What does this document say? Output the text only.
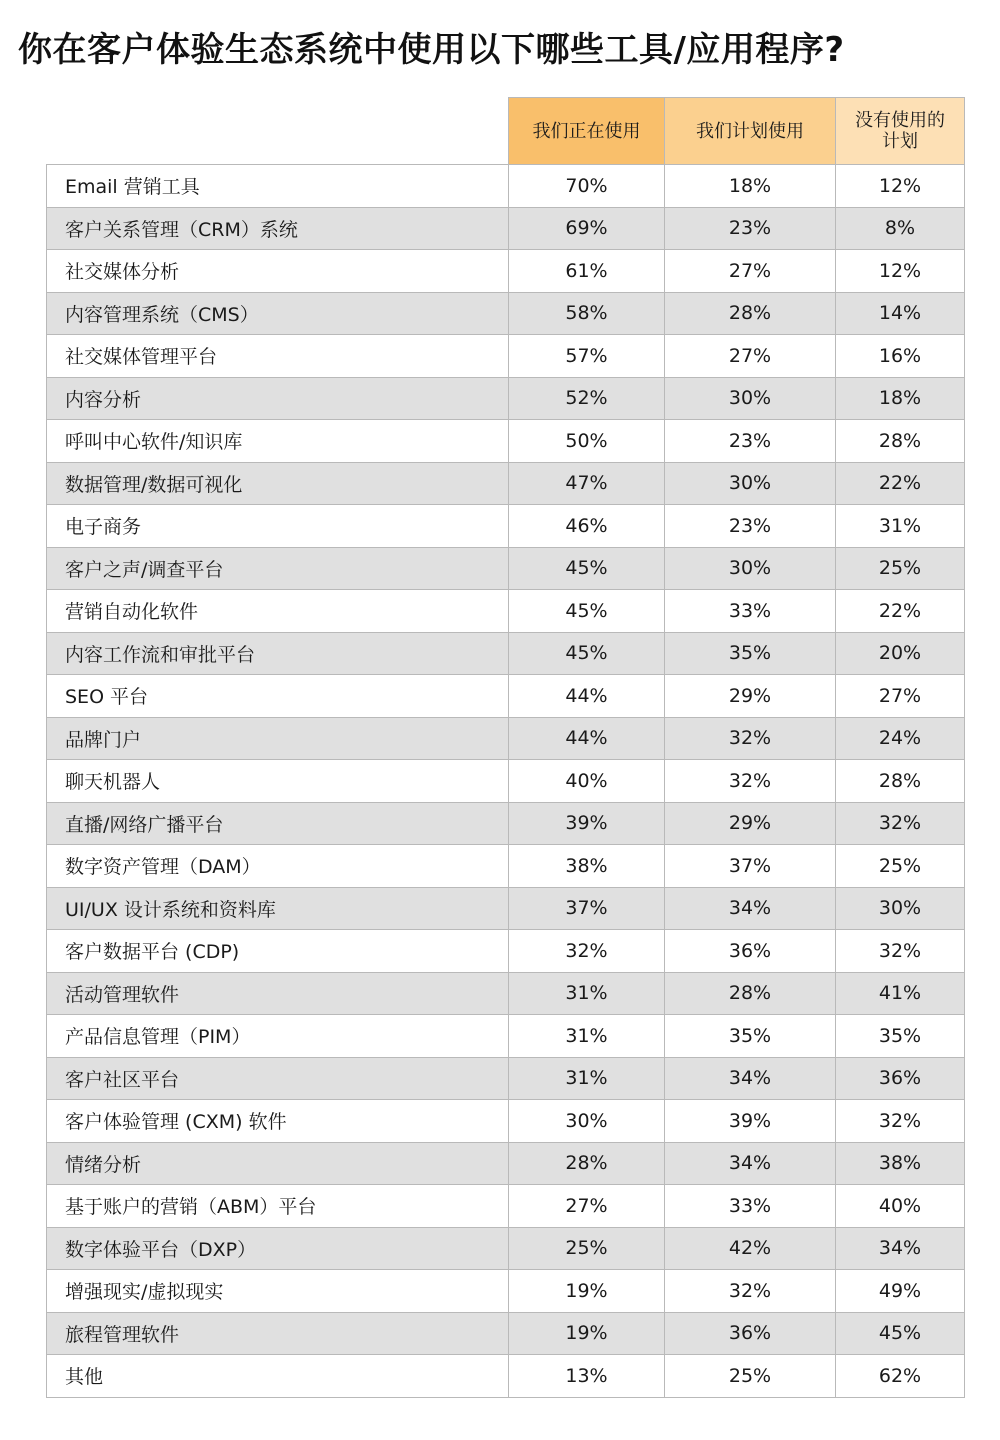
你在客户体验生态系统中使用以下哪些工具/应用程序?
	我们正在使用	我们计划使用	没有使用的计划
Email 营销工具	70%	18%	12%
客户关系管理（CRM）系统	69%	23%	8%
社交媒体分析	61%	27%	12%
内容管理系统（CMS）	58%	28%	14%
社交媒体管理平台	57%	27%	16%
内容分析	52%	30%	18%
呼叫中心软件/知识库	50%	23%	28%
数据管理/数据可视化	47%	30%	22%
电子商务	46%	23%	31%
客户之声/调查平台	45%	30%	25%
营销自动化软件	45%	33%	22%
内容工作流和审批平台	45%	35%	20%
SEO 平台	44%	29%	27%
品牌门户	44%	32%	24%
聊天机器人	40%	32%	28%
直播/网络广播平台	39%	29%	32%
数字资产管理（DAM）	38%	37%	25%
UI/UX 设计系统和资料库	37%	34%	30%
客户数据平台 (CDP)	32%	36%	32%
活动管理软件	31%	28%	41%
产品信息管理（PIM）	31%	35%	35%
客户社区平台	31%	34%	36%
客户体验管理 (CXM) 软件	30%	39%	32%
情绪分析	28%	34%	38%
基于账户的营销（ABM）平台	27%	33%	40%
数字体验平台（DXP）	25%	42%	34%
增强现实/虚拟现实	19%	32%	49%
旅程管理软件	19%	36%	45%
其他	13%	25%	62%
